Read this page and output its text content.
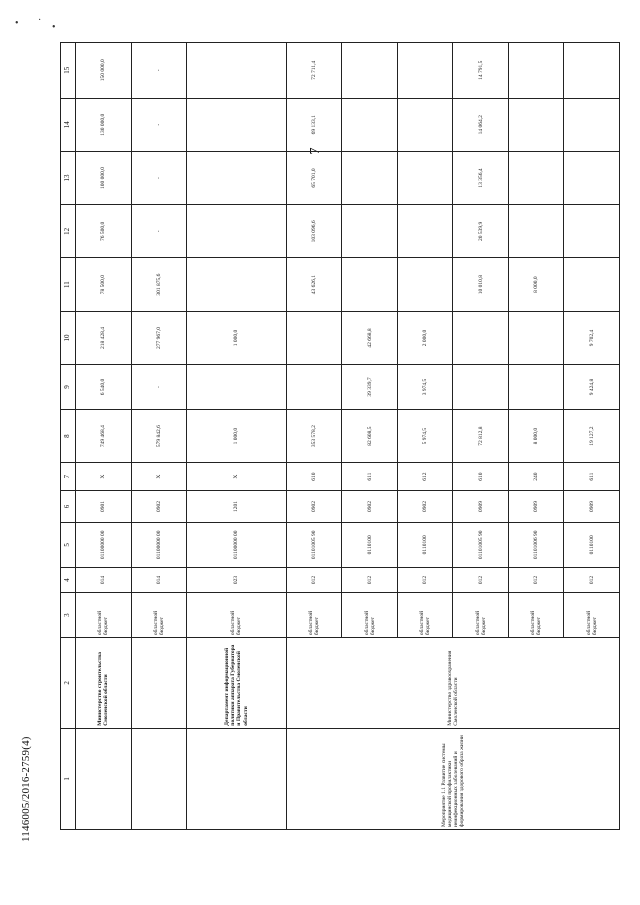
• ·
•
7
1146005/2016-2759(4)	1	2	3	4	5	6	7	8	9	10	11	12	13	14	15
	Министерство строительства Смоленской области	областной бюджет	014	01100000 00	0901	X	749 468,4	6 540,0	218 428,4	78 500,0	76 500,0	100 000,0	130 000,0	150 000,0
		областной бюджет	014	01100000 00	0902	X	579 842,6	-	277 967,0	301 875,6	-	-	-	-
	Департамент информационной политики аппарата Губернатора и Правительства Смоленской области	областной бюджет	023	01100000 00	1201	X	1 000,0		1 000,0					
Мероприятие 1.1 Развитие системы медицинской профилактики неинфекционных заболеваний и формирования здорового образа жизни	Министерство здравоохранения Смоленской области	областной бюджет	012	01101005 90	0902	610	353 578,2			43 626,1	103 096,6	65 701,0	69 133,1	72 711,4
		областной бюджет	012	0110100	0902	611	82 608,5	39 339,7	42 668,8					
		областной бюджет	012	0110100	0902	612	5 974,5	3 974,5	2 000,0					
		областной бюджет	012	01101005 90	0909	610	72 812,8			10 010,8	20 539,9	13 356,4	14 064,2	14 791,5
		областной бюджет	012	01101006 90	0909	240	8 000,0			8 000,0				
		областной бюджет	012	0110100	0909	611	19 127,2	9 424,8	9 702,4					
